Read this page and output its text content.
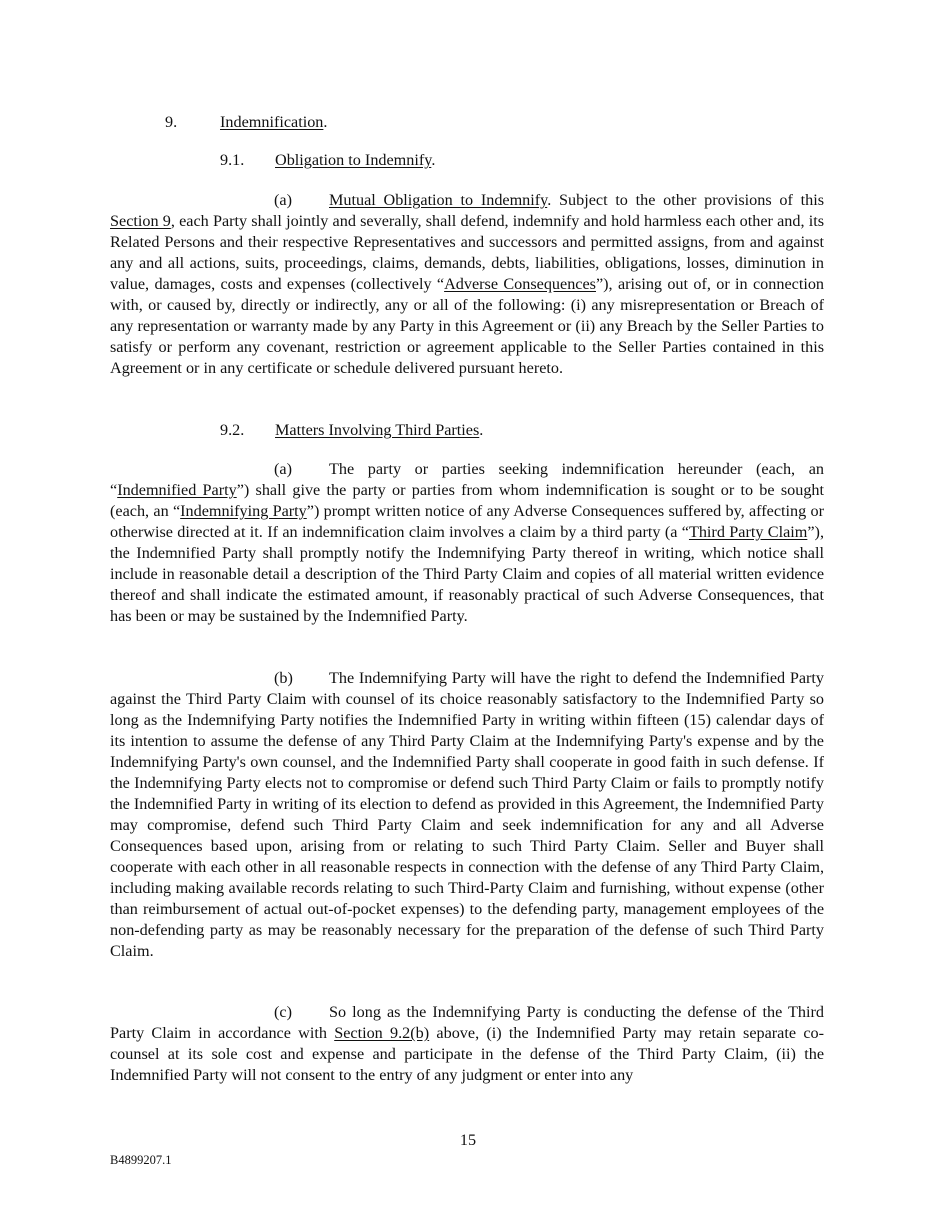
9.	Indemnification.
9.1. Obligation to Indemnify.

(a) Mutual Obligation to Indemnify. Subject to the other provisions of this Section 9, each Party shall jointly and severally, shall defend, indemnify and hold harmless each other and, its Related Persons and their respective Representatives and successors and permitted assigns, from and against any and all actions, suits, proceedings, claims, demands, debts, liabilities, obligations, losses, diminution in value, damages, costs and expenses (collectively “Adverse Consequences”), arising out of, or in connection with, or caused by, directly or indirectly, any or all of the following: (i) any misrepresentation or Breach of any representation or warranty made by any Party in this Agreement or (ii) any Breach by the Seller Parties to satisfy or perform any covenant, restriction or agreement applicable to the Seller Parties contained in this Agreement or in any certificate or schedule delivered pursuant hereto.

9.2. Matters Involving Third Parties.

(a) The party or parties seeking indemnification hereunder (each, an “Indemnified Party”) shall give the party or parties from whom indemnification is sought or to be sought (each, an “Indemnifying Party”) prompt written notice of any Adverse Consequences suffered by, affecting or otherwise directed at it. If an indemnification claim involves a claim by a third party (a “Third Party Claim”), the Indemnified Party shall promptly notify the Indemnifying Party thereof in writing, which notice shall include in reasonable detail a description of the Third Party Claim and copies of all material written evidence thereof and shall indicate the estimated amount, if reasonably practical of such Adverse Consequences, that has been or may be sustained by the Indemnified Party.

(b) The Indemnifying Party will have the right to defend the Indemnified Party against the Third Party Claim with counsel of its choice reasonably satisfactory to the Indemnified Party so long as the Indemnifying Party notifies the Indemnified Party in writing within fifteen (15) calendar days of its intention to assume the defense of any Third Party Claim at the Indemnifying Party's expense and by the Indemnifying Party's own counsel, and the Indemnified Party shall cooperate in good faith in such defense. If the Indemnifying Party elects not to compromise or defend such Third Party Claim or fails to promptly notify the Indemnified Party in writing of its election to defend as provided in this Agreement, the Indemnified Party may compromise, defend such Third Party Claim and seek indemnification for any and all Adverse Consequences based upon, arising from or relating to such Third Party Claim. Seller and Buyer shall cooperate with each other in all reasonable respects in connection with the defense of any Third Party Claim, including making available records relating to such Third-Party Claim and furnishing, without expense (other than reimbursement of actual out-of-pocket expenses) to the defending party, management employees of the non-defending party as may be reasonably necessary for the preparation of the defense of such Third Party Claim.

(c) So long as the Indemnifying Party is conducting the defense of the Third Party Claim in accordance with Section 9.2(b) above, (i) the Indemnified Party may retain separate co-counsel at its sole cost and expense and participate in the defense of the Third Party Claim, (ii) the Indemnified Party will not consent to the entry of any judgment or enter into any

15
B4899207.1
